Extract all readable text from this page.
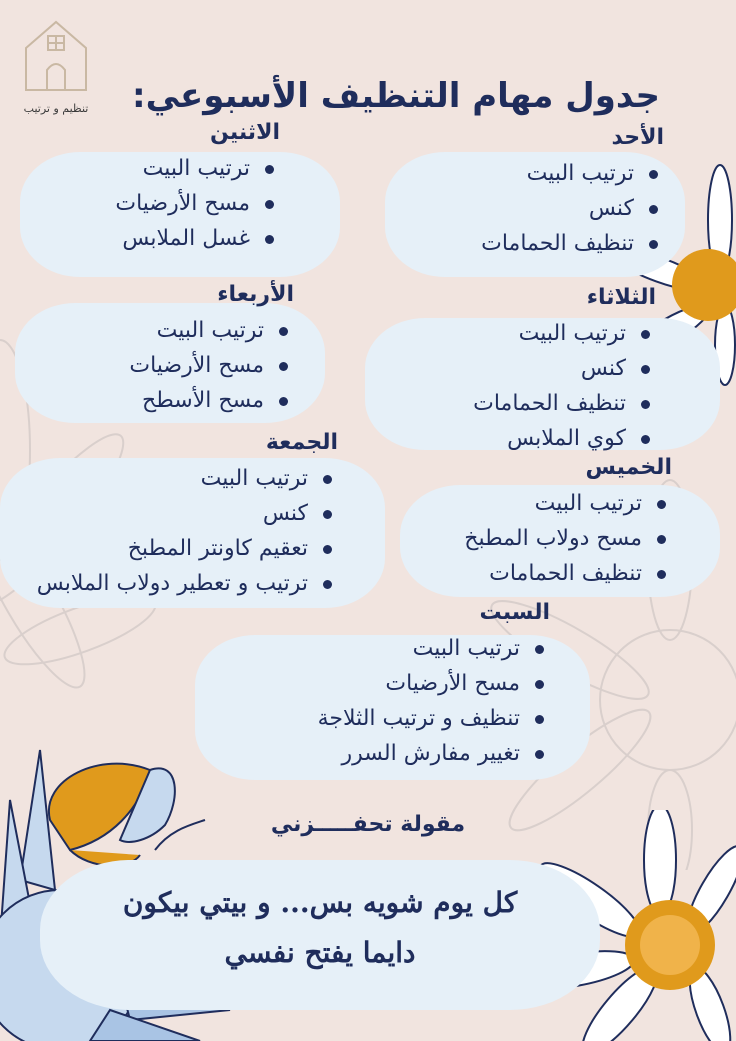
تنظيم و ترتيب جدول مهام التنظيف الأسبوعي:
الأحد
ترتيب البيت
كنس
تنظيف الحمامات
الاثنين
ترتيب البيت
مسح الأرضيات
غسل الملابس
الثلاثاء
ترتيب البيت
كنس
تنظيف الحمامات
كوي الملابس
الأربعاء
ترتيب البيت
مسح الأرضيات
مسح الأسطح
الخميس
ترتيب البيت
مسح دولاب المطبخ
تنظيف الحمامات
الجمعة
ترتيب البيت
كنس
تعقيم كاونتر المطبخ
ترتيب و تعطير دولاب الملابس
السبت
ترتيب البيت
مسح الأرضيات
تنظيف و ترتيب الثلاجة
تغيير مفارش السرر
مقولة تحفـــــزني
كل يوم شويه بس... و بيتي بيكون
دايما يفتح نفسي
